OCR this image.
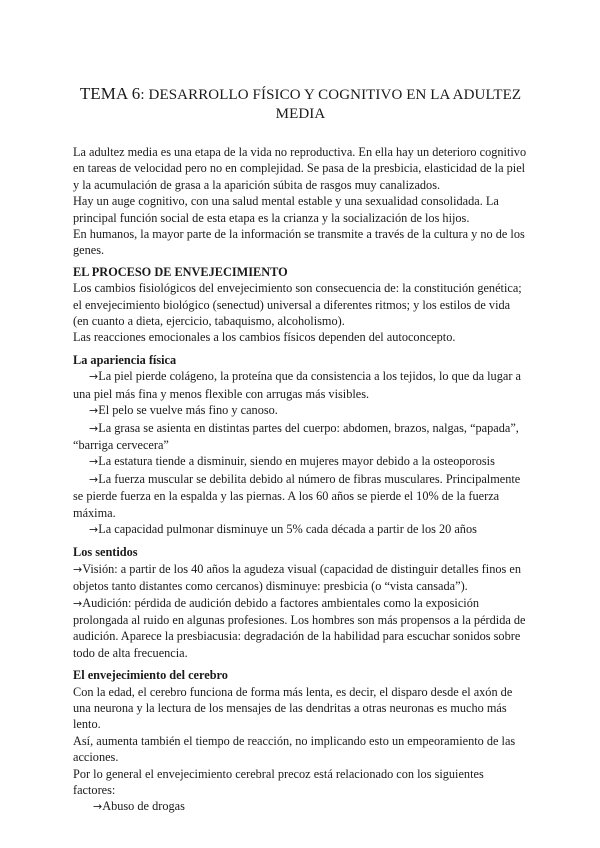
TEMA 6: DESARROLLO FÍSICO Y COGNITIVO EN LA ADULTEZ MEDIA

La adultez media es una etapa de la vida no reproductiva. En ella hay un deterioro cognitivo en tareas de velocidad pero no en complejidad. Se pasa de la presbicia, elasticidad de la piel y la acumulación de grasa a la aparición súbita de rasgos muy canalizados.

Hay un auge cognitivo, con una salud mental estable y una sexualidad consolidada. La principal función social de esta etapa es la crianza y la socialización de los hijos.

En humanos, la mayor parte de la información se transmite a través de la cultura y no de los genes.

EL PROCESO DE ENVEJECIMIENTO

Los cambios fisiológicos del envejecimiento son consecuencia de: la constitución genética; el envejecimiento biológico (senectud) universal a diferentes ritmos; y los estilos de vida (en cuanto a dieta, ejercicio, tabaquismo, alcoholismo).

Las reacciones emocionales a los cambios físicos dependen del autoconcepto.

La apariencia física

→La piel pierde colágeno, la proteína que da consistencia a los tejidos, lo que da lugar a una piel más fina y menos flexible con arrugas más visibles.
→El pelo se vuelve más fino y canoso.
→La grasa se asienta en distintas partes del cuerpo: abdomen, brazos, nalgas, “papada”, “barriga cervecera”
→La estatura tiende a disminuir, siendo en mujeres mayor debido a la osteoporosis
→La fuerza muscular se debilita debido al número de fibras musculares. Principalmente se pierde fuerza en la espalda y las piernas. A los 60 años se pierde el 10% de la fuerza máxima.
→La capacidad pulmonar disminuye un 5% cada década a partir de los 20 años

Los sentidos

→Visión: a partir de los 40 años la agudeza visual (capacidad de distinguir detalles finos en objetos tanto distantes como cercanos) disminuye: presbicia (o “vista cansada”).
→Audición: pérdida de audición debido a factores ambientales como la exposición prolongada al ruido en algunas profesiones. Los hombres son más propensos a la pérdida de audición. Aparece la presbiacusia: degradación de la habilidad para escuchar sonidos sobre todo de alta frecuencia.

El envejecimiento del cerebro

Con la edad, el cerebro funciona de forma más lenta, es decir, el disparo desde el axón de una neurona y la lectura de los mensajes de las dendritas a otras neuronas es mucho más lento.

Así, aumenta también el tiempo de reacción, no implicando esto un empeoramiento de las acciones.

Por lo general el envejecimiento cerebral precoz está relacionado con los siguientes factores:

→Abuso de drogas
